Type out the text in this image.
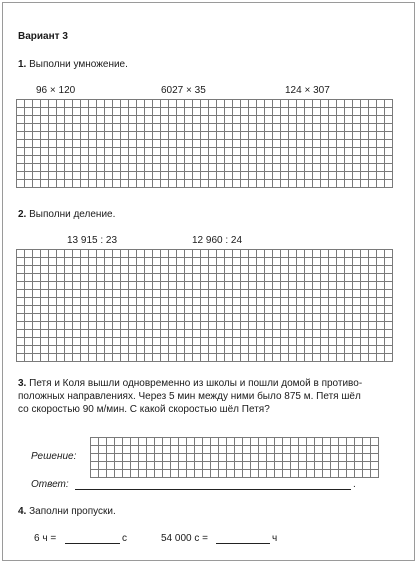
Вариант 3
1. Выполни умножение.
96 × 120	6027 × 35	124 × 307
2. Выполни деление.
13 915 : 23	12 960 : 24
3. Петя и Коля вышли одновременно из школы и пошли домой в противо-
положных направлениях. Через 5 мин между ними было 875 м. Петя шёл
со скоростью 90 м/мин. С какой скоростью шёл Петя?
Решение:
Ответ:	.
4. Заполни пропуски.
6 ч =	с	54 000 с =	ч
